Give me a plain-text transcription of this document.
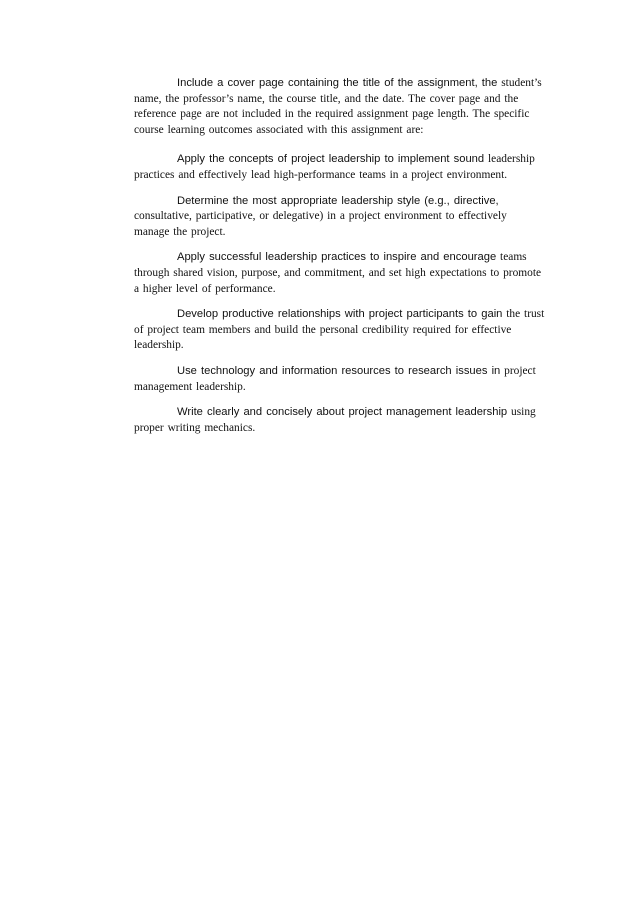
Include a cover page containing the title of the assignment, the student’s name, the professor’s name, the course title, and the date. The cover page and the reference page are not included in the required assignment page length. The specific course learning outcomes associated with this assignment are:

Apply the concepts of project leadership to implement sound leadership practices and effectively lead high-performance teams in a project environment.

Determine the most appropriate leadership style (e.g., directive, consultative, participative, or delegative) in a project environment to effectively manage the project.

Apply successful leadership practices to inspire and encourage teams through shared vision, purpose, and commitment, and set high expectations to promote a higher level of performance.

Develop productive relationships with project participants to gain the trust of project team members and build the personal credibility required for effective leadership.

Use technology and information resources to research issues in project management leadership.

Write clearly and concisely about project management leadership using proper writing mechanics.
